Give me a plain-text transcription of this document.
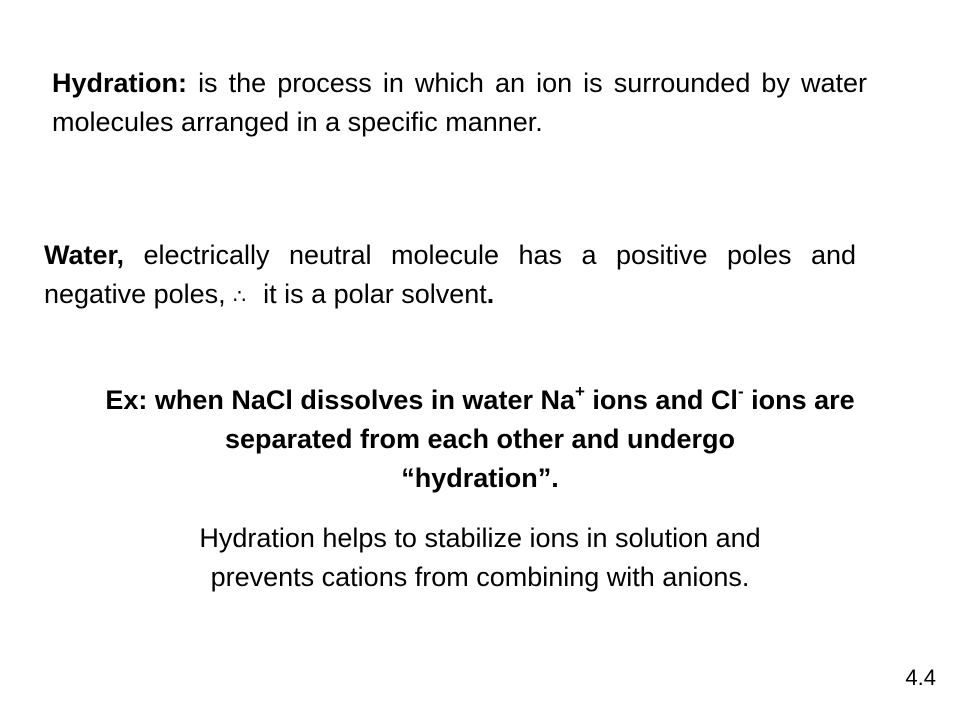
Hydration: is the process in which an ion is surrounded by water molecules arranged in a specific manner.
Water, electrically neutral molecule has a positive poles and negative poles, ∴ it is a polar solvent.
Ex: when NaCl dissolves in water Na+ ions and Cl- ions are separated from each other and undergo
“hydration”.
Hydration helps to stabilize ions in solution and
prevents cations from combining with anions.
4.4
